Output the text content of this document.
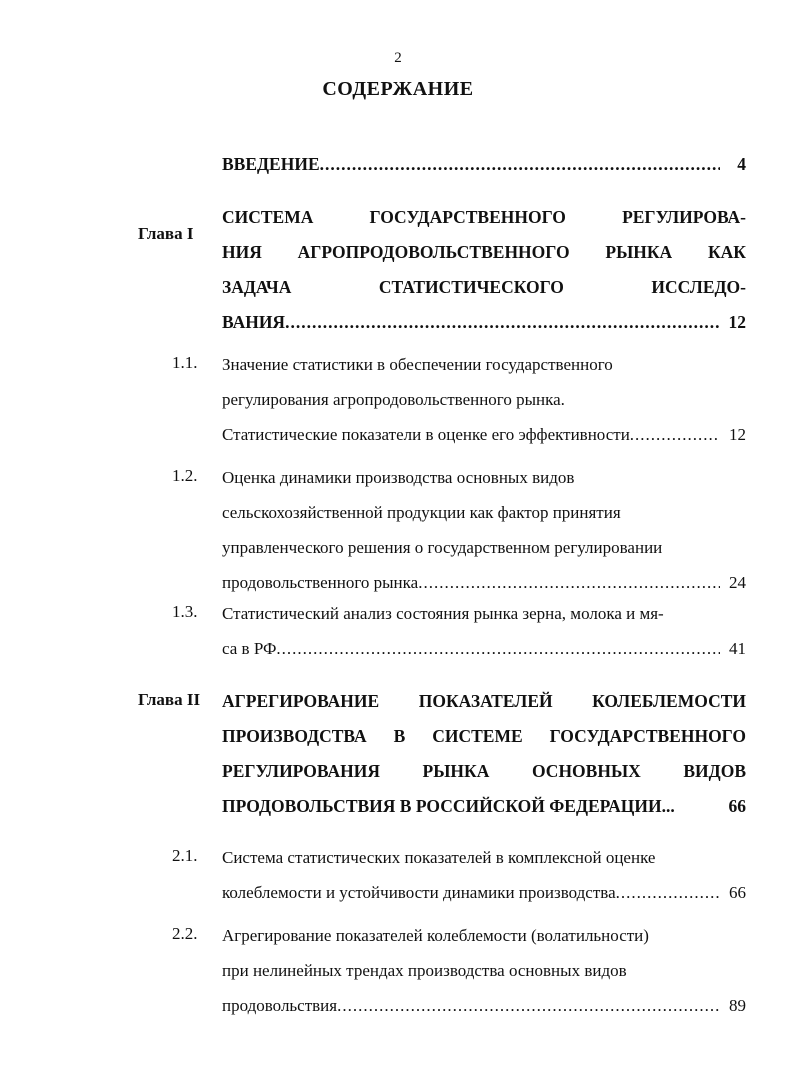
2
СОДЕРЖАНИЕ
ВВЕДЕНИЕ .....	4
Глава I
СИСТЕМА ГОСУДАРСТВЕННОГО РЕГУЛИРОВА-
НИЯ АГРОПРОДОВОЛЬСТВЕННОГО РЫНКА КАК
ЗАДАЧА СТАТИСТИЧЕСКОГО ИССЛЕДО-
ВАНИЯ .....	12
1.1. Значение статистики в обеспечении государственного
регулирования агропродовольственного рынка.
Статистические показатели в оценке его эффективности .....	12
1.2. Оценка динамики производства основных видов
сельскохозяйственной продукции как фактор принятия
управленческого решения о государственном регулировании
продовольственного рынка .....	24
1.3. Статистический анализ состояния рынка зерна, молока и мя-
са в РФ .....	41
Глава II АГРЕГИРОВАНИЕ ПОКАЗАТЕЛЕЙ КОЛЕБЛЕМОСТИ
ПРОИЗВОДСТВА В СИСТЕМЕ ГОСУДАРСТВЕННОГО
РЕГУЛИРОВАНИЯ РЫНКА ОСНОВНЫХ ВИДОВ
ПРОДОВОЛЬСТВИЯ В РОССИЙСКОЙ ФЕДЕРАЦИИ...	66
2.1. Система статистических показателей в комплексной оценке
колеблемости и устойчивости динамики производства .....	66
2.2. Агрегирование показателей колеблемости (волатильности)
при нелинейных трендах производства основных видов
продовольствия .....	89
